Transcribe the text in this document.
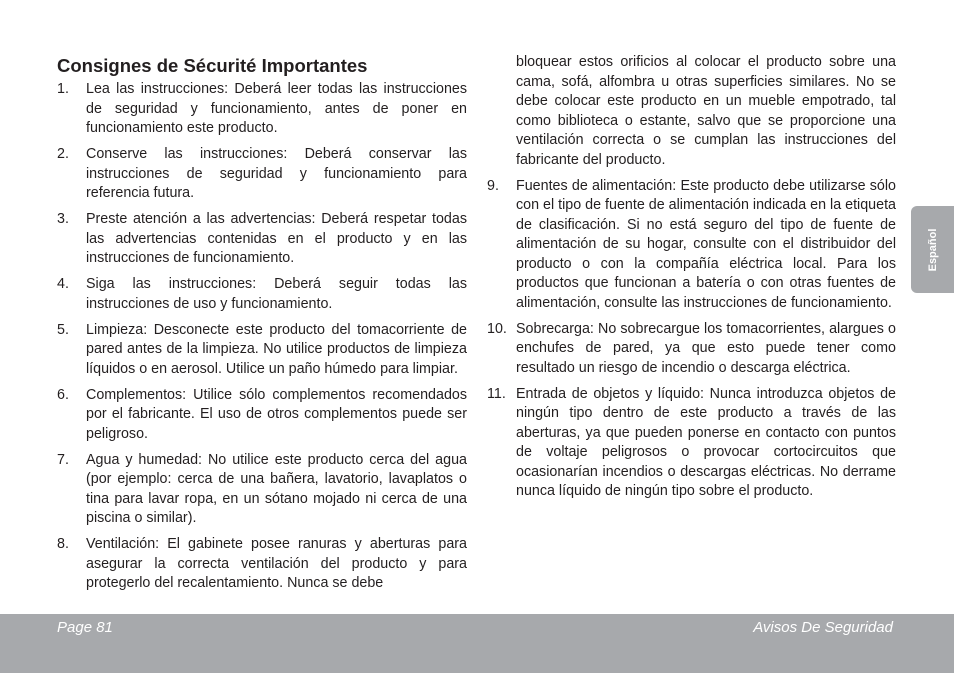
Consignes de Sécurité Importantes
1. Lea las instrucciones: Deberá leer todas las instrucciones de seguridad y funcionamiento, antes de poner en funcionamiento este producto.
2. Conserve las instrucciones: Deberá conservar las instrucciones de seguridad y funcionamiento para referencia futura.
3. Preste atención a las advertencias: Deberá respetar todas las advertencias contenidas en el producto y en las instrucciones de funcionamiento.
4. Siga las instrucciones: Deberá seguir todas las instrucciones de uso y funcionamiento.
5. Limpieza: Desconecte este producto del tomacorriente de pared antes de la limpieza. No utilice productos de limpieza líquidos o en aerosol. Utilice un paño húmedo para limpiar.
6. Complementos: Utilice sólo complementos recomendados por el fabricante. El uso de otros complementos puede ser peligroso.
7. Agua y humedad: No utilice este producto cerca del agua (por ejemplo: cerca de una bañera, lavatorio, lavaplatos o tina para lavar ropa, en un sótano mojado ni cerca de una piscina o similar).
8. Ventilación: El gabinete posee ranuras y aberturas para asegurar la correcta ventilación del producto y para protegerlo del recalentamiento. Nunca se debe
bloquear estos orificios al colocar el producto sobre una cama, sofá, alfombra u otras superficies similares. No se debe colocar este producto en un mueble empotrado, tal como biblioteca o estante, salvo que se proporcione una ventilación correcta o se cumplan las instrucciones del fabricante del producto.
9. Fuentes de alimentación: Este producto debe utilizarse sólo con el tipo de fuente de alimentación indicada en la etiqueta de clasificación. Si no está seguro del tipo de fuente de alimentación de su hogar, consulte con el distribuidor del producto o con la compañía eléctrica local. Para los productos que funcionan a batería o con otras fuentes de alimentación, consulte las instrucciones de funcionamiento.
10. Sobrecarga: No sobrecargue los tomacorrientes, alargues o enchufes de pared, ya que esto puede tener como resultado un riesgo de incendio o descarga eléctrica.
11. Entrada de objetos y líquido: Nunca introduzca objetos de ningún tipo dentro de este producto a través de las aberturas, ya que pueden ponerse en contacto con puntos de voltaje peligrosos o provocar cortocircuitos que ocasionarían incendios o descargas eléctricas. No derrame nunca líquido de ningún tipo sobre el producto.
Español
Page 81	Avisos De Seguridad
